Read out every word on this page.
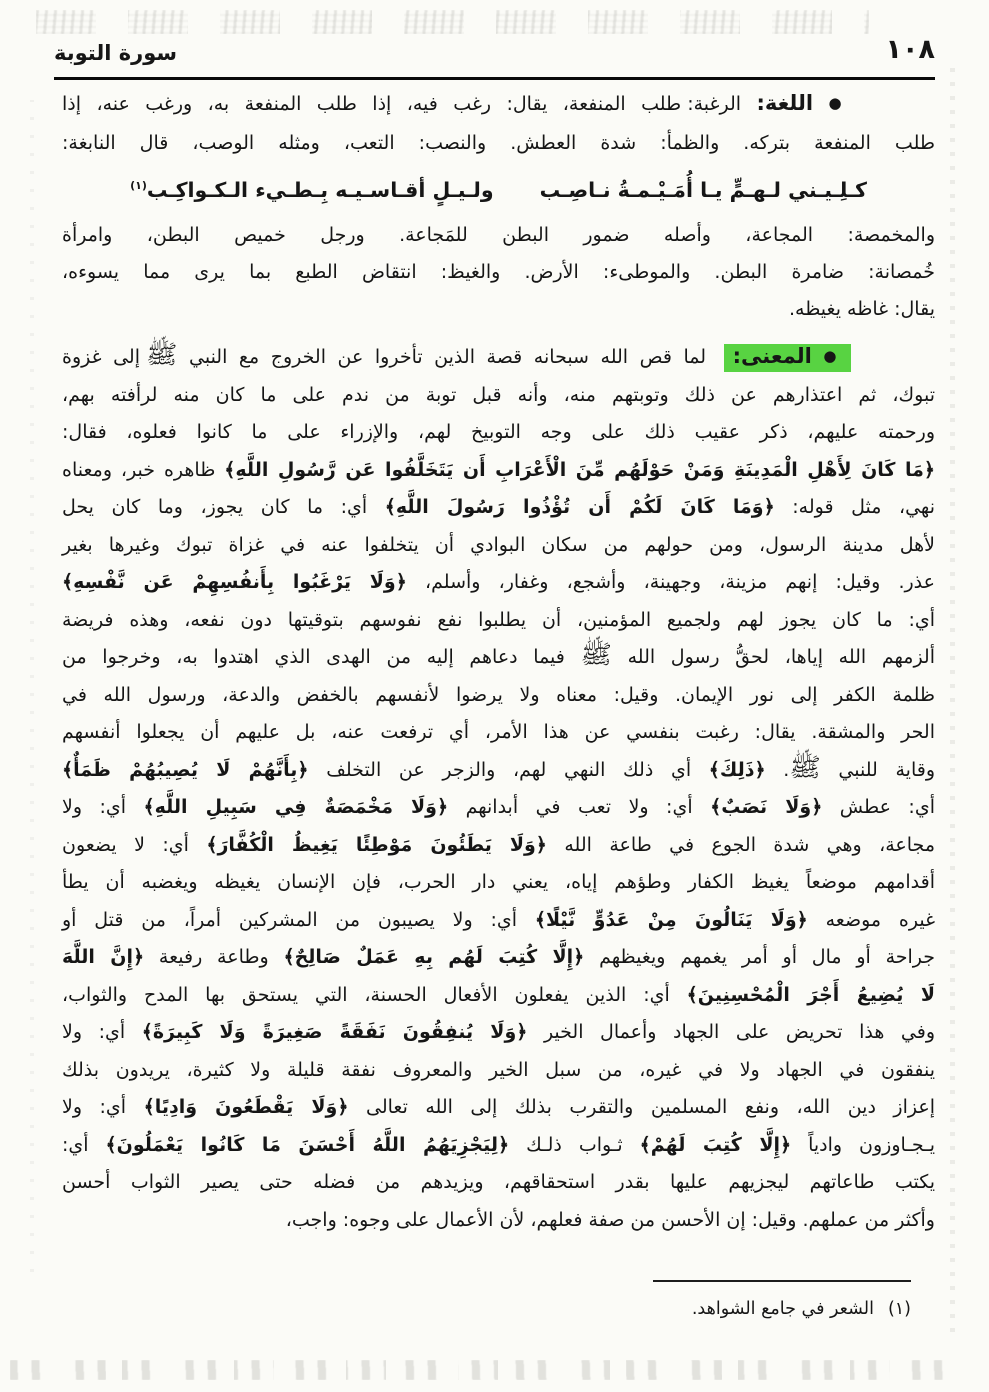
١٠٨
سورة التوبة
● اللغة: الرغبة: طلب المنفعة، يقال: رغب فيه، إذا طلب المنفعة به، ورغب عنه، إذا
طلب المنفعة بتركه. والظمأ: شدة العطش. والنصب: التعب، ومثله الوصب، قال النابغة:
كـلِـيـني لـهـمٍّ يـا أُمَـيْـمـةُ نـاصِـب
ولـيـلٍ أقـاسـيـه بِـطـيء الـكـواكِـب$^{(١)}$
والمخمصة: المجاعة، وأصله ضمور البطن للمَجاعة. ورجل خميص البطن، وامرأة
خُمصانة: ضامرة البطن. والموطىء: الأرض. والغيظ: انتقاض الطبع بما يرى مما يسوءه،
يقال: غاظه يغيظه.
● المعنى: لما قص الله سبحانه قصة الذين تأخروا عن الخروج مع النبي ﷺ إلى غزوة
تبوك، ثم اعتذارهم عن ذلك وتوبتهم منه، وأنه قبل توبة من ندم على ما كان منه لرأفته بهم،
ورحمته عليهم، ذكر عقيب ذلك على وجه التوبيخ لهم، والإزراء على ما كانوا فعلوه، فقال:
﴿مَا كَانَ لِأَهْلِ الْمَدِينَةِ وَمَنْ حَوْلَهُم مِّنَ الْأَعْرَابِ أَن يَتَخَلَّفُوا عَن رَّسُولِ اللَّهِ﴾ ظاهره خبر، ومعناه
نهي، مثل قوله: ﴿وَمَا كَانَ لَكُمْ أَن تُؤْذُوا رَسُولَ اللَّهِ﴾ أي: ما كان يجوز، وما كان يحل
لأهل مدينة الرسول، ومن حولهم من سكان البوادي أن يتخلفوا عنه في غزاة تبوك وغيرها بغير
عذر. وقيل: إنهم مزينة، وجهينة، وأشجع، وغفار، وأسلم، ﴿وَلَا يَرْغَبُوا بِأَنفُسِهِمْ عَن نَّفْسِهِ﴾
أي: ما كان يجوز لهم ولجميع المؤمنين، أن يطلبوا نفع نفوسهم بتوقيتها دون نفعه، وهذه فريضة
ألزمهم الله إياها، لحقُّ رسول الله ﷺ فيما دعاهم إليه من الهدى الذي اهتدوا به، وخرجوا من
ظلمة الكفر إلى نور الإيمان. وقيل: معناه ولا يرضوا لأنفسهم بالخفض والدعة، ورسول الله في
الحر والمشقة. يقال: رغبت بنفسي عن هذا الأمر، أي ترفعت عنه، بل عليهم أن يجعلوا أنفسهم
وقاية للنبي ﷺ. ﴿ذَلِكَ﴾ أي ذلك النهي لهم، والزجر عن التخلف ﴿بِأَنَّهُمْ لَا يُصِيبُهُمْ ظَمَأٌ﴾
أي: عطش ﴿وَلَا نَصَبٌ﴾ أي: ولا تعب في أبدانهم ﴿وَلَا مَخْمَصَةٌ فِي سَبِيلِ اللَّهِ﴾ أي: ولا
مجاعة، وهي شدة الجوع في طاعة الله ﴿وَلَا يَطَئُونَ مَوْطِئًا يَغِيظُ الْكُفَّارَ﴾ أي: لا يضعون
أقدامهم موضعاً يغيظ الكفار وطؤهم إياه، يعني دار الحرب، فإن الإنسان يغيظه ويغضبه أن يطأ
غيره موضعه ﴿وَلَا يَنَالُونَ مِنْ عَدُوٍّ نَّيْلًا﴾ أي: ولا يصيبون من المشركين أمراً، من قتل أو
جراحة أو مال أو أمر يغمهم ويغيظهم ﴿إِلَّا كُتِبَ لَهُم بِهِ عَمَلٌ صَالِحٌ﴾ وطاعة رفيعة ﴿إِنَّ اللَّهَ
لَا يُضِيعُ أَجْرَ الْمُحْسِنِينَ﴾ أي: الذين يفعلون الأفعال الحسنة، التي يستحق بها المدح والثواب،
وفي هذا تحريض على الجهاد وأعمال الخير ﴿وَلَا يُنفِقُونَ نَفَقَةً صَغِيرَةً وَلَا كَبِيرَةً﴾ أي: ولا
ينفقون في الجهاد ولا في غيره، من سبل الخير والمعروف نفقة قليلة ولا كثيرة، يريدون بذلك
إعزاز دين الله، ونفع المسلمين والتقرب بذلك إلى الله تعالى ﴿وَلَا يَقْطَعُونَ وَادِيًا﴾ أي: ولا
يـجـاوزون وادياً ﴿إِلَّا كُتِبَ لَهُمْ﴾ ثـواب ذلـك ﴿لِيَجْزِيَهُمُ اللَّهُ أَحْسَنَ مَا كَانُوا يَعْمَلُونَ﴾ أي:
يكتب طاعاتهم ليجزيهم عليها بقدر استحقاقهم، ويزيدهم من فضله حتى يصير الثواب أحسن
وأكثر من عملهم. وقيل: إن الأحسن من صفة فعلهم، لأن الأعمال على وجوه: واجب،
(١)الشعر في جامع الشواهد.
